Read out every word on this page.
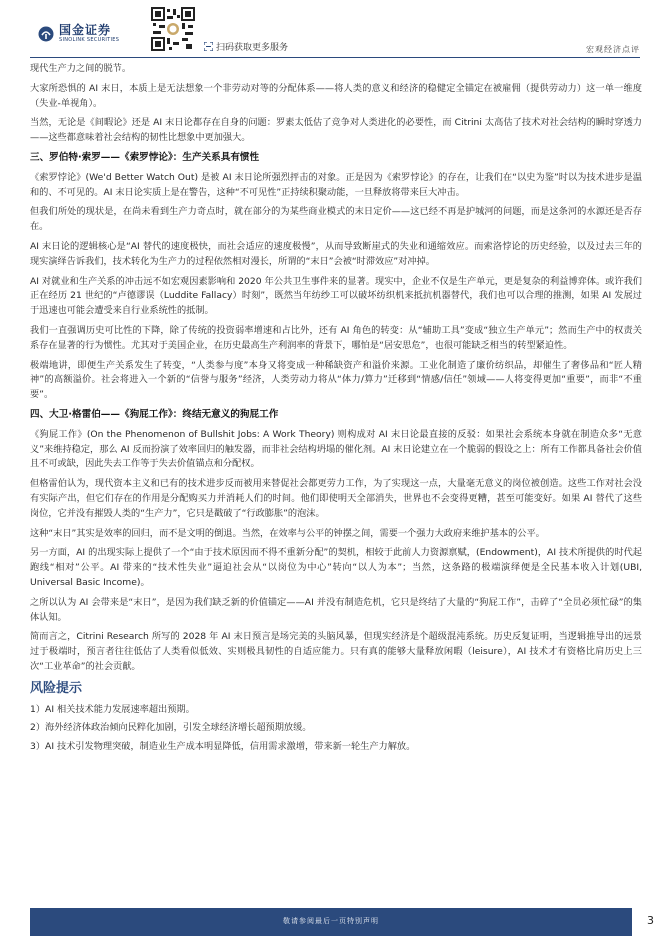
国金证券
SINOLINK SECURITIES
扫码获取更多服务	宏观经济点评

现代生产力之间的脱节。

大家所恐惧的 AI 末日，本质上是无法想象一个非劳动对等的分配体系——将人类的意义和经济的稳健定全锚定在被雇佣（提供劳动力）这一单一维度（失业-单视角）。

当然，无论是《间暇论》还是 AI 末日论都存在自身的问题：罗素太低估了竞争对人类进化的必要性，而 Citrini 太高估了技术对社会结构的瞬时穿透力——这些都意味着社会结构的韧性比想象中更加强大。

三、罗伯特·索罗——《索罗悖论》：生产关系具有惯性

《索罗悖论》(We'd Better Watch Out) 是被 AI 末日论所强烈抨击的对象。正是因为《索罗悖论》的存在，让我们在“以史为鉴”时以为技术进步是温和的、不可见的。AI 末日论实质上是在警告，这种“不可见性”正持续积聚动能，一旦释放将带来巨大冲击。

但我们所处的现状是，在尚未看到生产力奇点时，就在部分的为某些商业模式的末日定价——这已经不再是护城河的问题，而是这条河的水源还是否存在。

AI 末日论的逻辑核心是“AI 替代的速度极快，而社会适应的速度极慢”，从而导致断崖式的失业和通缩效应。而索洛悖论的历史经验，以及过去三年的现实演绎告诉我们，技术转化为生产力的过程依然相对漫长，所谓的“末日”会被“时滞效应”对冲掉。

AI 对就业和生产关系的冲击远不如宏观因素影响和 2020 年公共卫生事件来的显著。现实中，企业不仅是生产单元，更是复杂的利益博弈体。或许我们正在经历 21 世纪的“卢德谬误（Luddite Fallacy）时刻”，既然当年纺纱工可以破坏纺织机来抵抗机器替代，我们也可以合理的推测，如果 AI 发展过于迅速也可能会遭受来自行业系统性的抵制。

我们一直强调历史可比性的下降，除了传统的投资弱率增速和占比外，还有 AI 角色的转变：从“辅助工具”变成“独立生产单元”；然而生产中的权责关系存在显著的行为惯性。尤其对于美国企业，在历史最高生产利润率的背景下，哪怕是“居安思危”，也很可能缺乏相当的转型紧迫性。

极端地讲，即便生产关系发生了转变，“人类参与度”本身又将变成一种稀缺资产和溢价来源。工业化制造了廉价纺织品，却催生了奢侈品和“匠人精神”的高额溢价。社会将进入一个新的“信誉与服务”经济，人类劳动力将从“体力/算力”迁移到“情感/信任”领域——人将变得更加“重要”，而非“不重要”。

四、大卫·格雷伯——《狗屁工作》：终结无意义的狗屁工作

《狗屁工作》(On the Phenomenon of Bullshit Jobs: A Work Theory) 则构成对 AI 末日论最直接的反驳：如果社会系统本身就在制造众多“无意义”来维持稳定，那么 AI 反而扮演了效率回归的触发器，而非社会结构坍塌的催化剂。AI 末日论建立在一个脆弱的假设之上：所有工作都具备社会价值且不可或缺，因此失去工作等于失去价值锚点和分配权。

但格雷伯认为，现代资本主义和已有的技术进步反而被用来替促社会都更劳力工作，为了实现这一点，大量毫无意义的岗位被创造。这些工作对社会没有实际产出，但它们存在的作用是分配购买力并消耗人们的时间。他们即使明天全部消失，世界也不会变得更糟，甚至可能变好。如果 AI 替代了这些岗位，它并没有摧毁人类的“生产力”，它只是戳破了“行政膨胀”的泡沫。

这种“末日”其实是效率的回归，而不是文明的倒退。当然，在效率与公平的钟摆之间，需要一个强力大政府来维护基本的公平。

另一方面，AI 的出现实际上提供了一个“由于技术原因而不得不重新分配”的契机，相较于此前人力资源禀赋，(Endowment)，AI 技术所提供的时代起跑线“相对”公平。AI 带来的“技术性失业”逼迫社会从“以岗位为中心”转向“以人为本”；当然，这条路的极端演绎便是全民基本收入计划(UBI, Universal Basic Income)。

之所以认为 AI 会带来是“末日”，是因为我们缺乏新的价值锚定——AI 并没有制造危机，它只是终结了大量的“狗屁工作”，击碎了“全员必须忙碌”的集体认知。

简而言之，Citrini Research 所写的 2028 年 AI 末日预言是场完美的头脑风暴，但现实经济是个超级混沌系统。历史反复证明，当逻辑推导出的远景过于极端时，预言者往往低估了人类看似低效、实则极具韧性的自适应能力。只有真的能够大量释放闲暇（leisure），AI 技术才有资格比肩历史上三次“工业革命”的社会贡献。

风险提示

1）AI 相关技术能力发展速率超出预期。

2）海外经济体政治倾向民粹化加剧，引发全球经济增长超预期放缓。

3）AI 技术引发物理突破，制造业生产成本明显降低，信用需求激增，带来新一轮生产力解放。

敬请参阅最后一页特别声明	3
